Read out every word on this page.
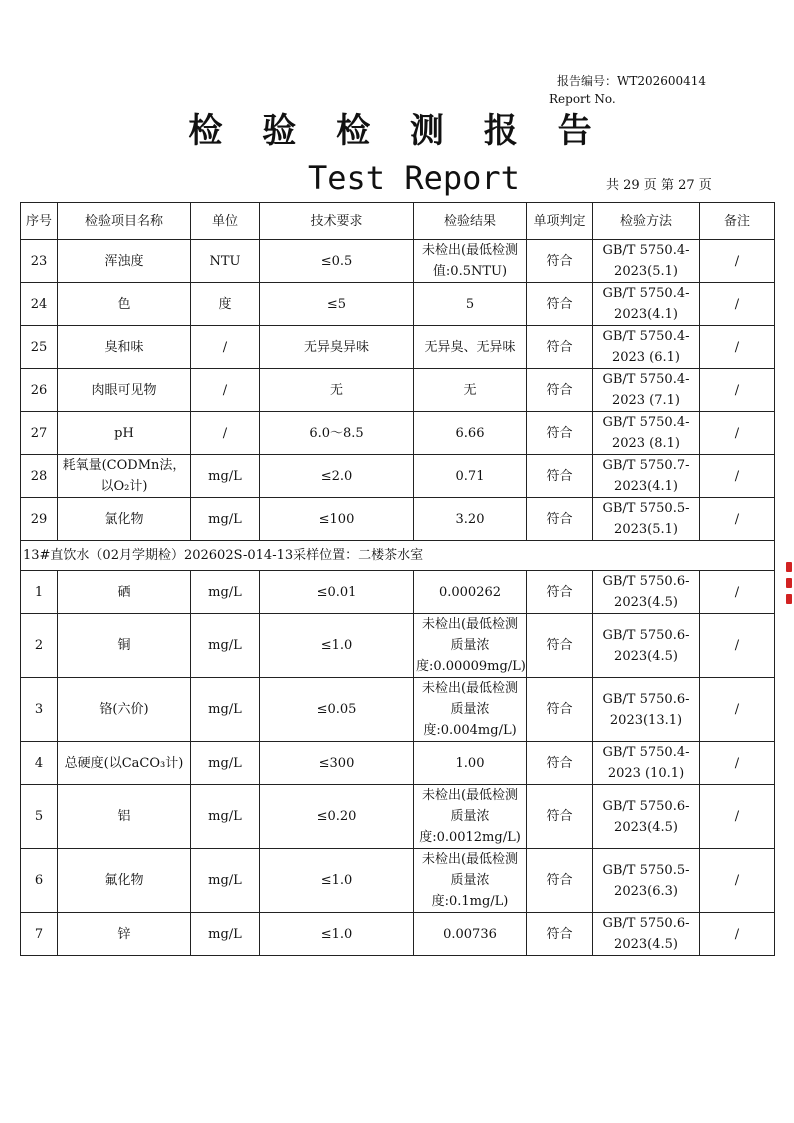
报告编号：WT202600414
Report No.
检 验 检 测 报 告
Test Report	共 29 页 第 27 页
序号	检验项目名称	单位	技术要求	检验结果	单项判定	检验方法	备注
23	浑浊度	NTU	≤0.5	未检出(最低检测值:0.5NTU)	符合	GB/T 5750.4-2023(5.1)	/
24	色	度	≤5	5	符合	GB/T 5750.4-2023(4.1)	/
25	臭和味	/	无异臭异味	无异臭、无异味	符合	GB/T 5750.4-2023 (6.1)	/
26	肉眼可见物	/	无	无	符合	GB/T 5750.4-2023 (7.1)	/
27	pH	/	6.0～8.5	6.66	符合	GB/T 5750.4-2023 (8.1)	/
28	耗氧量(CODMn法，以O₂计)	mg/L	≤2.0	0.71	符合	GB/T 5750.7-2023(4.1)	/
29	氯化物	mg/L	≤100	3.20	符合	GB/T 5750.5-2023(5.1)	/
13#直饮水（02月学期检）202602S-014-13采样位置：二楼茶水室							
1	硒	mg/L	≤0.01	0.000262	符合	GB/T 5750.6-2023(4.5)	/
2	铜	mg/L	≤1.0	未检出(最低检测质量浓度:0.00009mg/L)	符合	GB/T 5750.6-2023(4.5)	/
3	铬(六价)	mg/L	≤0.05	未检出(最低检测质量浓度:0.004mg/L)	符合	GB/T 5750.6-2023(13.1)	/
4	总硬度(以CaCO₃计)	mg/L	≤300	1.00	符合	GB/T 5750.4-2023 (10.1)	/
5	铝	mg/L	≤0.20	未检出(最低检测质量浓度:0.0012mg/L)	符合	GB/T 5750.6-2023(4.5)	/
6	氟化物	mg/L	≤1.0	未检出(最低检测质量浓度:0.1mg/L)	符合	GB/T 5750.5-2023(6.3)	/
7	锌	mg/L	≤1.0	0.00736	符合	GB/T 5750.6-2023(4.5)	/
